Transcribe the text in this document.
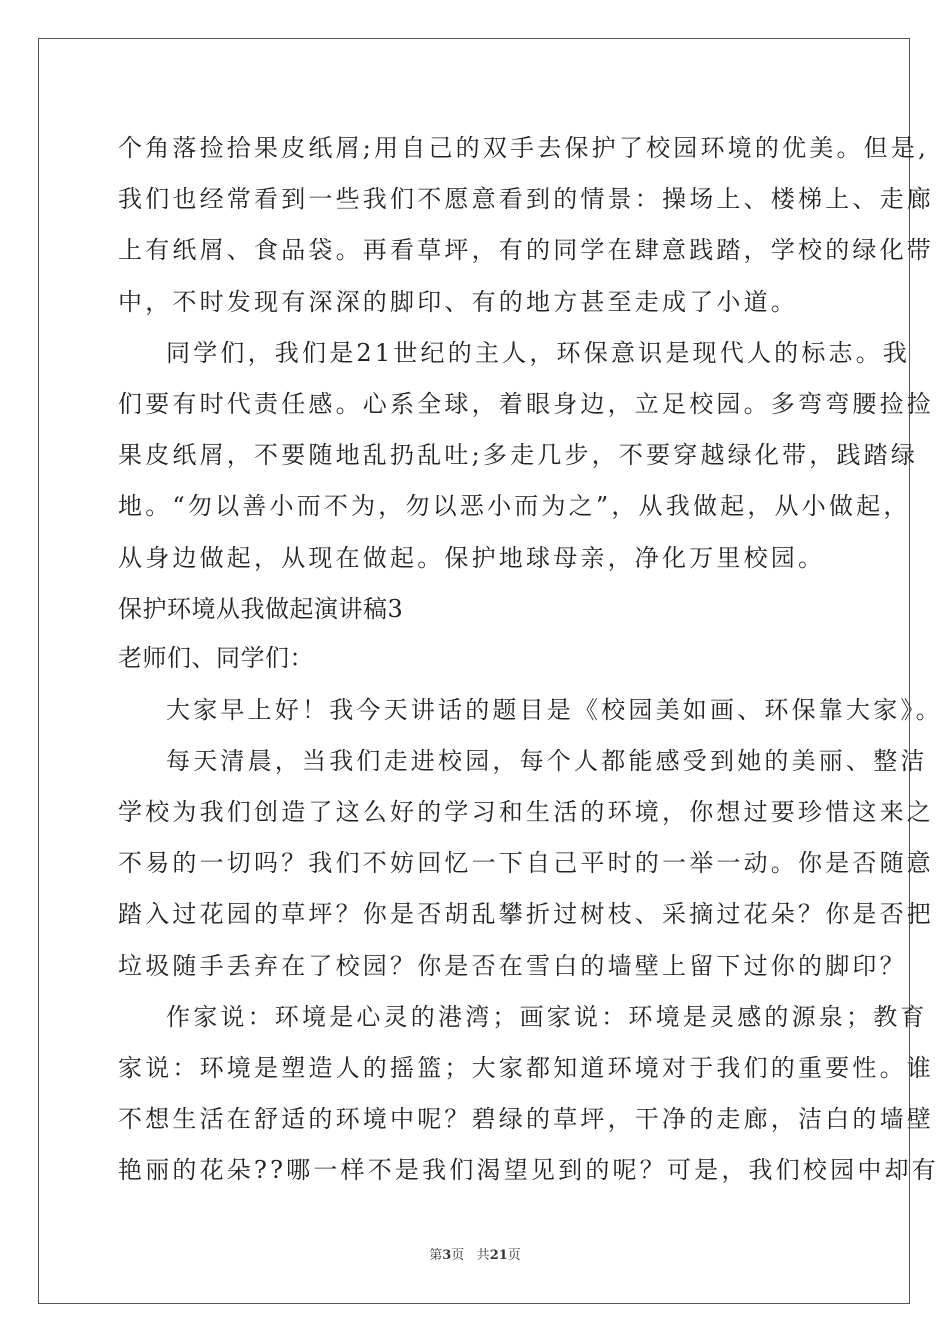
个角落捡拾果皮纸屑;用自己的双手去保护了校园环境的优美。但是,
我们也经常看到一些我们不愿意看到的情景：操场上、楼梯上、走廊
上有纸屑、食品袋。再看草坪，有的同学在肆意践踏，学校的绿化带
中，不时发现有深深的脚印、有的地方甚至走成了小道。
同学们，我们是21世纪的主人，环保意识是现代人的标志。我
们要有时代责任感。心系全球，着眼身边，立足校园。多弯弯腰捡捡
果皮纸屑，不要随地乱扔乱吐;多走几步，不要穿越绿化带，践踏绿
地。“勿以善小而不为，勿以恶小而为之”，从我做起，从小做起，
从身边做起，从现在做起。保护地球母亲，净化万里校园。
保护环境从我做起演讲稿3
老师们、同学们：
大家早上好！我今天讲话的题目是《校园美如画、环保靠大家》。
每天清晨，当我们走进校园，每个人都能感受到她的美丽、整洁
学校为我们创造了这么好的学习和生活的环境，你想过要珍惜这来之
不易的一切吗？我们不妨回忆一下自己平时的一举一动。你是否随意
踏入过花园的草坪？你是否胡乱攀折过树枝、采摘过花朵？你是否把
垃圾随手丢弃在了校园？你是否在雪白的墙壁上留下过你的脚印？
作家说：环境是心灵的港湾；画家说：环境是灵感的源泉；教育
家说：环境是塑造人的摇篮；大家都知道环境对于我们的重要性。谁
不想生活在舒适的环境中呢？碧绿的草坪，干净的走廊，洁白的墙壁
艳丽的花朵??哪一样不是我们渴望见到的呢？可是，我们校园中却有
第3页 共21页
